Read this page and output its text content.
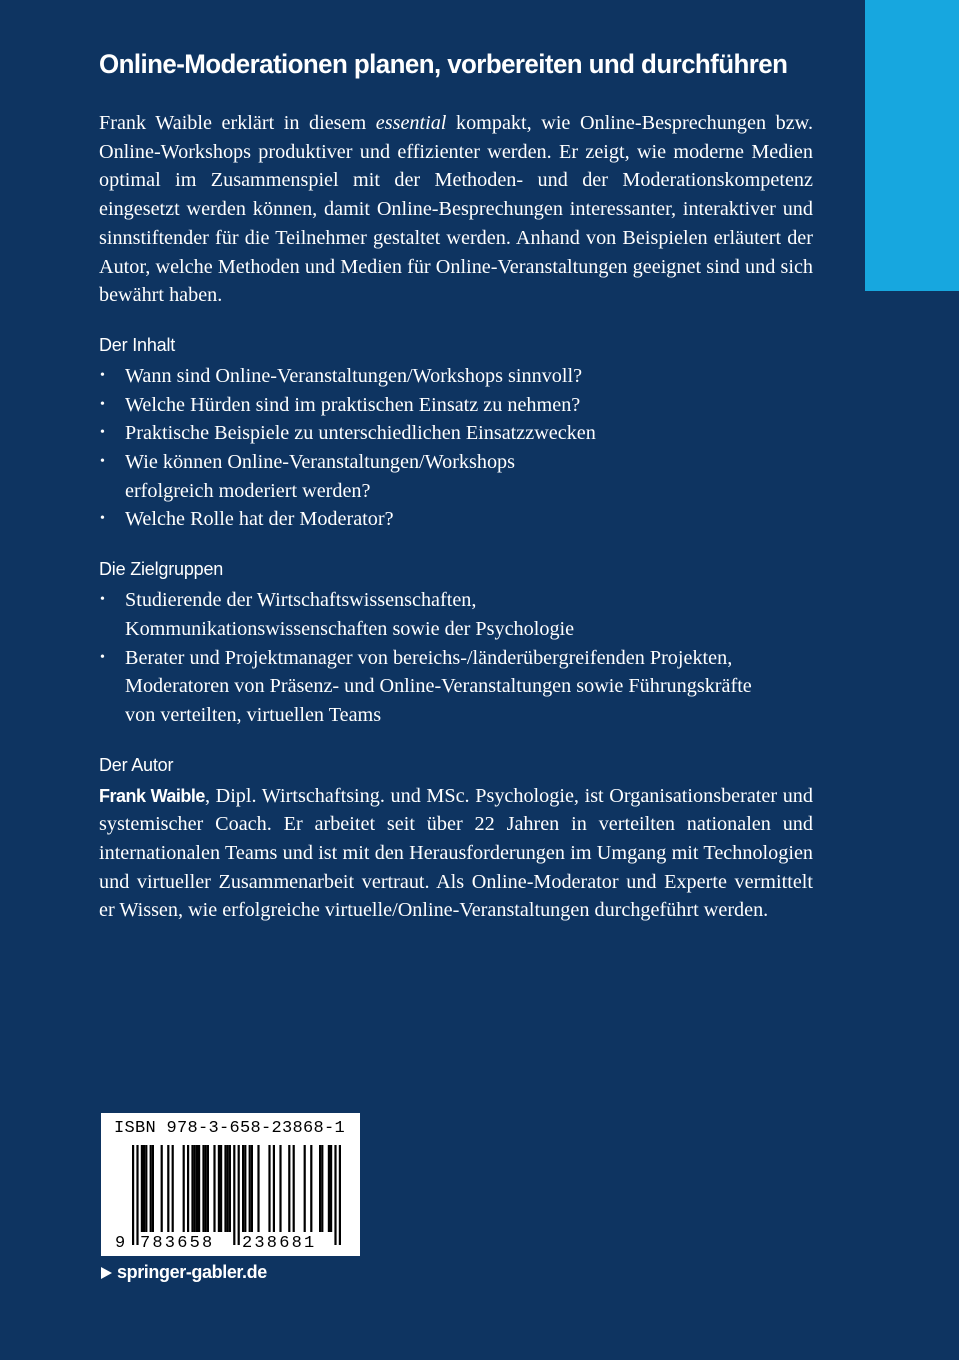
Online-Moderationen planen, vorbereiten und durchführen

Frank Waible erklärt in diesem essential kompakt, wie Online-Besprechungen bzw. Online-Workshops produktiver und effizienter werden. Er zeigt, wie moderne Medien optimal im Zusammenspiel mit der Methoden- und der Moderationskompetenz eingesetzt werden können, damit Online-Besprechungen interessanter, interaktiver und sinnstiftender für die Teilnehmer gestaltet werden. Anhand von Beispielen erläutert der Autor, welche Methoden und Medien für Online-Veranstaltungen geeignet sind und sich bewährt haben.

Der Inhalt
• Wann sind Online-Veranstaltungen/Workshops sinnvoll?
• Welche Hürden sind im praktischen Einsatz zu nehmen?
• Praktische Beispiele zu unterschiedlichen Einsatzzwecken
• Wie können Online-Veranstaltungen/Workshops erfolgreich moderiert werden?
• Welche Rolle hat der Moderator?
Die Zielgruppen
• Studierende der Wirtschaftswissenschaften, Kommunikationswissenschaften sowie der Psychologie
• Berater und Projektmanager von bereichs-/länderübergreifenden Projekten, Moderatoren von Präsenz- und Online-Veranstaltungen sowie Führungskräfte von verteilten, virtuellen Teams
Der Autor

Frank Waible, Dipl. Wirtschaftsing. und MSc. Psychologie, ist Organisationsberater und systemischer Coach. Er arbeitet seit über 22 Jahren in verteilten nationalen und internationalen Teams und ist mit den Herausforderungen im Umgang mit Technologien und virtueller Zusammenarbeit vertraut. Als Online-Moderator und Experte vermittelt er Wissen, wie erfolgreiche virtuelle/Online-Veranstaltungen durchgeführt werden.

ISBN 978-3-658-23868-1
9 783658 238681
springer-gabler.de
